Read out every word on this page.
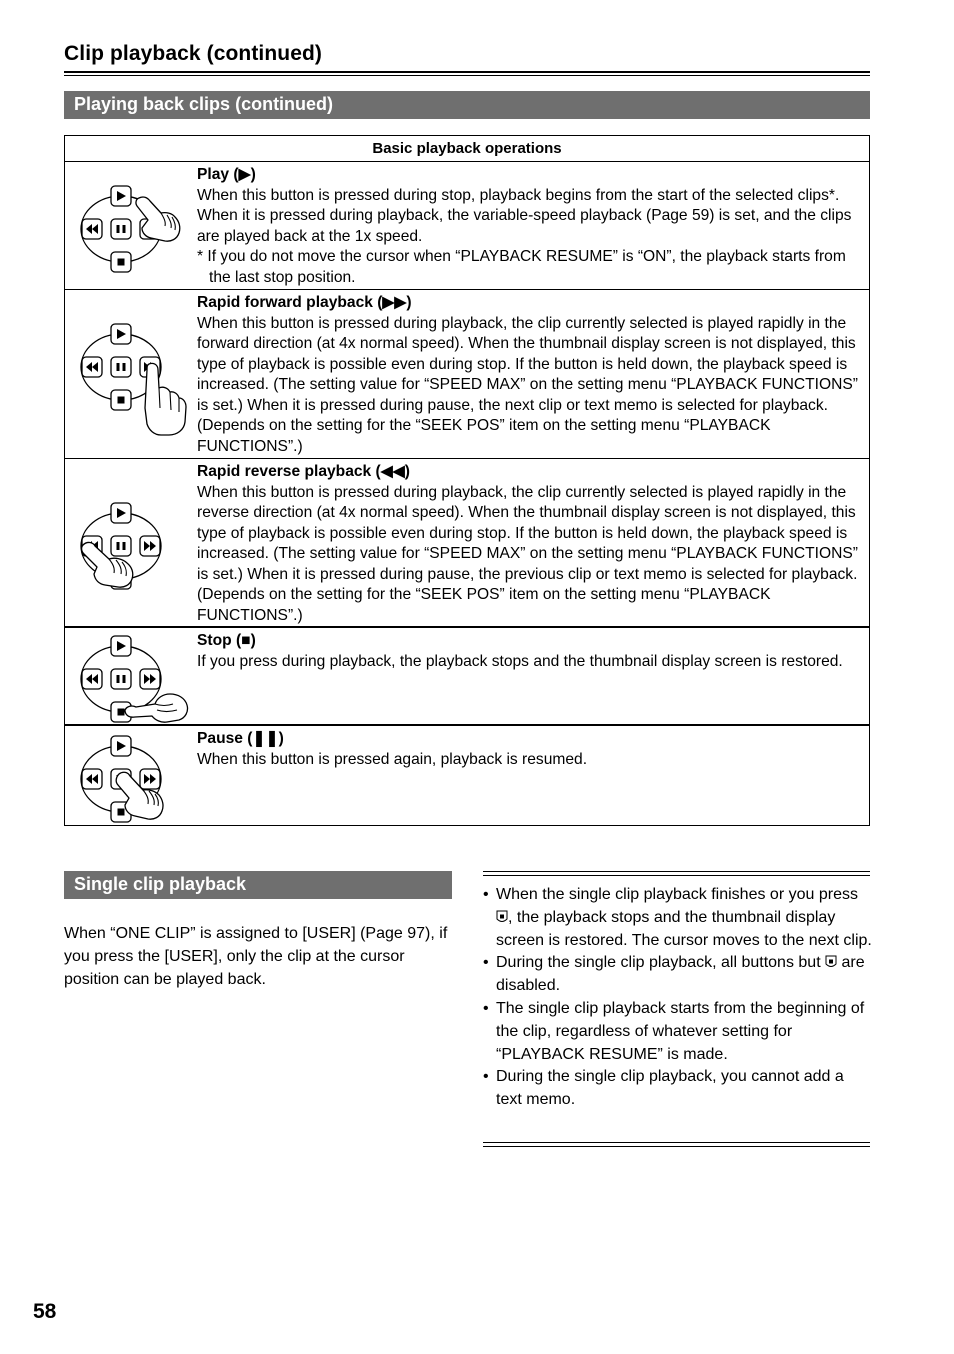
Clip playback (continued)
Playing back clips (continued)
Basic playback operations
Play (▶)
When this button is pressed during stop, playback begins from the start of the selected clips*. When it is pressed during playback, the variable-speed playback (Page 59) is set, and the clips are played back at the 1x speed.
* If you do not move the cursor when “PLAYBACK RESUME” is “ON”, the playback starts from the last stop position.
Rapid forward playback (▶▶)
When this button is pressed during playback, the clip currently selected is played rapidly in the forward direction (at 4x normal speed). When the thumbnail display screen is not displayed, this type of playback is possible even during stop. If the button is held down, the playback speed is increased. (The setting value for “SPEED MAX” on the setting menu “PLAYBACK FUNCTIONS” is set.) When it is pressed during pause, the next clip or text memo is selected for playback. (Depends on the setting for the “SEEK POS” item on the setting menu “PLAYBACK FUNCTIONS”.)
Rapid reverse playback (◀◀)
When this button is pressed during playback, the clip currently selected is played rapidly in the reverse direction (at 4x normal speed). When the thumbnail display screen is not displayed, this type of playback is possible even during stop. If the button is held down, the playback speed is increased. (The setting value for “SPEED MAX” on the setting menu “PLAYBACK FUNCTIONS” is set.) When it is pressed during pause, the previous clip or text memo is selected for playback. (Depends on the setting for the “SEEK POS” item on the setting menu “PLAYBACK FUNCTIONS”.)
Stop (■)
If you press during playback, the playback stops and the thumbnail display screen is restored.
Pause (❚❚)
When this button is pressed again, playback is resumed.
Single clip playback
When “ONE CLIP” is assigned to [USER] (Page 97), if you press the [USER], only the clip at the cursor position can be played back.
• When the single clip playback finishes or you press , the playback stops and the thumbnail display screen is restored. The cursor moves to the next clip.
• During the single clip playback, all buttons but  are disabled.
• The single clip playback starts from the beginning of the clip, regardless of whatever setting for “PLAYBACK RESUME” is made.
• During the single clip playback, you cannot add a text memo.
58
